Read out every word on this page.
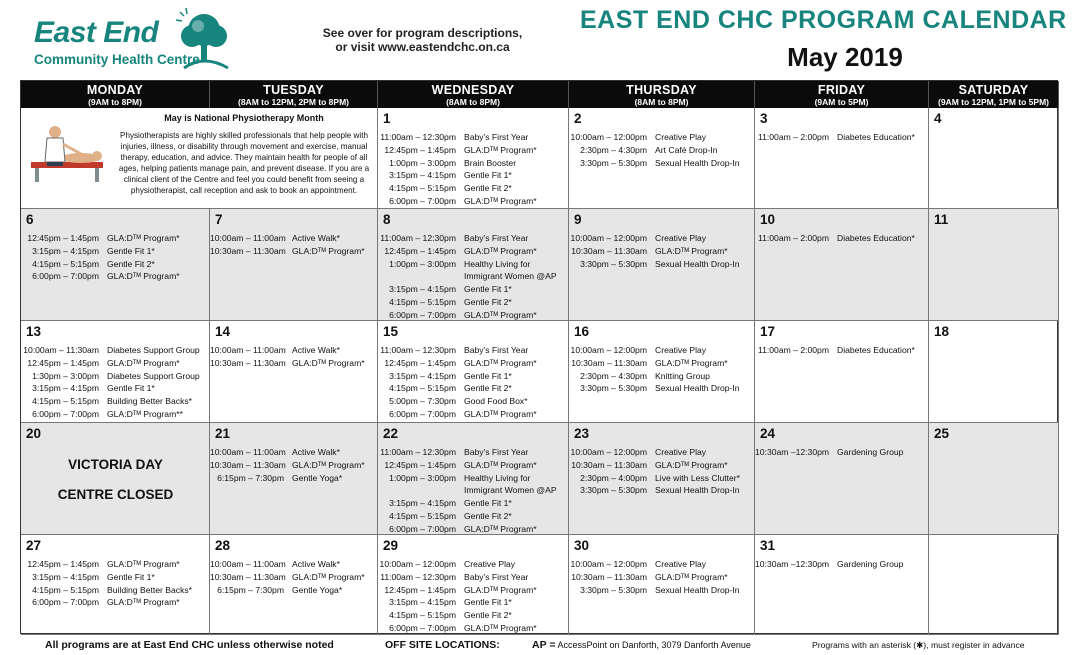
East End
Community Health Centre
See over for program descriptions,
or visit www.eastendchc.on.ca
EAST END CHC PROGRAM CALENDAR
May 2019
May is National Physiotherapy Month
Physiotherapists are highly skilled professionals that help people with injuries, illness, or disability through movement and exercise, manual therapy, education, and advice. They maintain health for people of all ages, helping patients manage pain, and prevent disease. If you are a clinical client of the Centre and feel you could benefit from seeing a physiotherapist, call reception and ask to book an appointment.
MONDAY
(9AM to 8PM)
TUESDAY
(8AM to 12PM, 2PM to 8PM)
WEDNESDAY
(8AM to 8PM)
THURSDAY
(8AM to 8PM)
FRIDAY
(9AM to 5PM)
SATURDAY
(9AM to 12PM, 1PM to 5PM)
1
11:00am – 12:30pm Baby's First Year
12:45pm – 1:45pm GLA:Dᵀᴹ Program*
1:00pm – 3:00pm Brain Booster
3:15pm – 4:15pm Gentle Fit 1*
4:15pm – 5:15pm Gentle Fit 2*
6:00pm – 7:00pm GLA:Dᵀᴹ Program*
2
10:00am – 12:00pm Creative Play
2:30pm – 4:30pm Art Café Drop-In
3:30pm – 5:30pm Sexual Health Drop-In
3
11:00am – 2:00pm Diabetes Education*
4
6
12:45pm – 1:45pm GLA:Dᵀᴹ Program*
3:15pm – 4:15pm Gentle Fit 1*
4:15pm – 5:15pm Gentle Fit 2*
6:00pm – 7:00pm GLA:Dᵀᴹ Program*
7
10:00am – 11:00am Active Walk*
10:30am – 11:30am GLA:Dᵀᴹ Program*
8
11:00am – 12:30pm Baby's First Year
12:45pm – 1:45pm GLA:Dᵀᴹ Program*
1:00pm – 3:00pm Healthy Living for
Immigrant Women @AP
3:15pm – 4:15pm Gentle Fit 1*
4:15pm – 5:15pm Gentle Fit 2*
6:00pm – 7:00pm GLA:Dᵀᴹ Program*
9
10:00am – 12:00pm Creative Play
10:30am – 11:30am GLA:Dᵀᴹ Program*
3:30pm – 5:30pm Sexual Health Drop-In
10
11:00am – 2:00pm Diabetes Education*
11
13
10:00am – 11:30am Diabetes Support Group
12:45pm – 1:45pm GLA:Dᵀᴹ Program*
1:30pm – 3:00pm Diabetes Support Group
3:15pm – 4:15pm Gentle Fit 1*
4:15pm – 5:15pm Building Better Backs*
6:00pm – 7:00pm GLA:Dᵀᴹ Program**
14
10:00am – 11:00am Active Walk*
10:30am – 11:30am GLA:Dᵀᴹ Program*
15
11:00am – 12:30pm Baby's First Year
12:45pm – 1:45pm GLA:Dᵀᴹ Program*
3:15pm – 4:15pm Gentle Fit 1*
4:15pm – 5:15pm Gentle Fit 2*
5:00pm – 7:30pm Good Food Box*
6:00pm – 7:00pm GLA:Dᵀᴹ Program*
16
10:00am – 12:00pm Creative Play
10:30am – 11:30am GLA:Dᵀᴹ Program*
2:30pm – 4:30pm Knitting Group
3:30pm – 5:30pm Sexual Health Drop-In
17
11:00am – 2:00pm Diabetes Education*
18
20
VICTORIA DAY
CENTRE CLOSED
21
10:00am – 11:00am Active Walk*
10:30am – 11:30am GLA:Dᵀᴹ Program*
6:15pm – 7:30pm Gentle Yoga*
22
11:00am – 12:30pm Baby's First Year
12:45pm – 1:45pm GLA:Dᵀᴹ Program*
1:00pm – 3:00pm Healthy Living for
Immigrant Women @AP
3:15pm – 4:15pm Gentle Fit 1*
4:15pm – 5:15pm Gentle Fit 2*
6:00pm – 7:00pm GLA:Dᵀᴹ Program*
23
10:00am – 12:00pm Creative Play
10:30am – 11:30am GLA:Dᵀᴹ Program*
2:30pm – 4:00pm Live with Less Clutter*
3:30pm – 5:30pm Sexual Health Drop-In
24
10:30am –12:30pm Gardening Group
25
27
12:45pm – 1:45pm GLA:Dᵀᴹ Program*
3:15pm – 4:15pm Gentle Fit 1*
4:15pm – 5:15pm Building Better Backs*
6:00pm – 7:00pm GLA:Dᵀᴹ Program*
28
10:00am – 11:00am Active Walk*
10:30am – 11:30am GLA:Dᵀᴹ Program*
6:15pm – 7:30pm Gentle Yoga*
29
10:00am – 12:00pm Creative Play
11:00am – 12:30pm Baby's First Year
12:45pm – 1:45pm GLA:Dᵀᴹ Program*
3:15pm – 4:15pm Gentle Fit 1*
4:15pm – 5:15pm Gentle Fit 2*
6:00pm – 7:00pm GLA:Dᵀᴹ Program*
30
10:00am – 12:00pm Creative Play
10:30am – 11:30am GLA:Dᵀᴹ Program*
3:30pm – 5:30pm Sexual Health Drop-In
31
10:30am –12:30pm Gardening Group
All programs are at East End CHC unless otherwise noted	OFF SITE LOCATIONS:	AP = AccessPoint on Danforth, 3079 Danforth Avenue	Programs with an asterisk (✱), must register in advance
